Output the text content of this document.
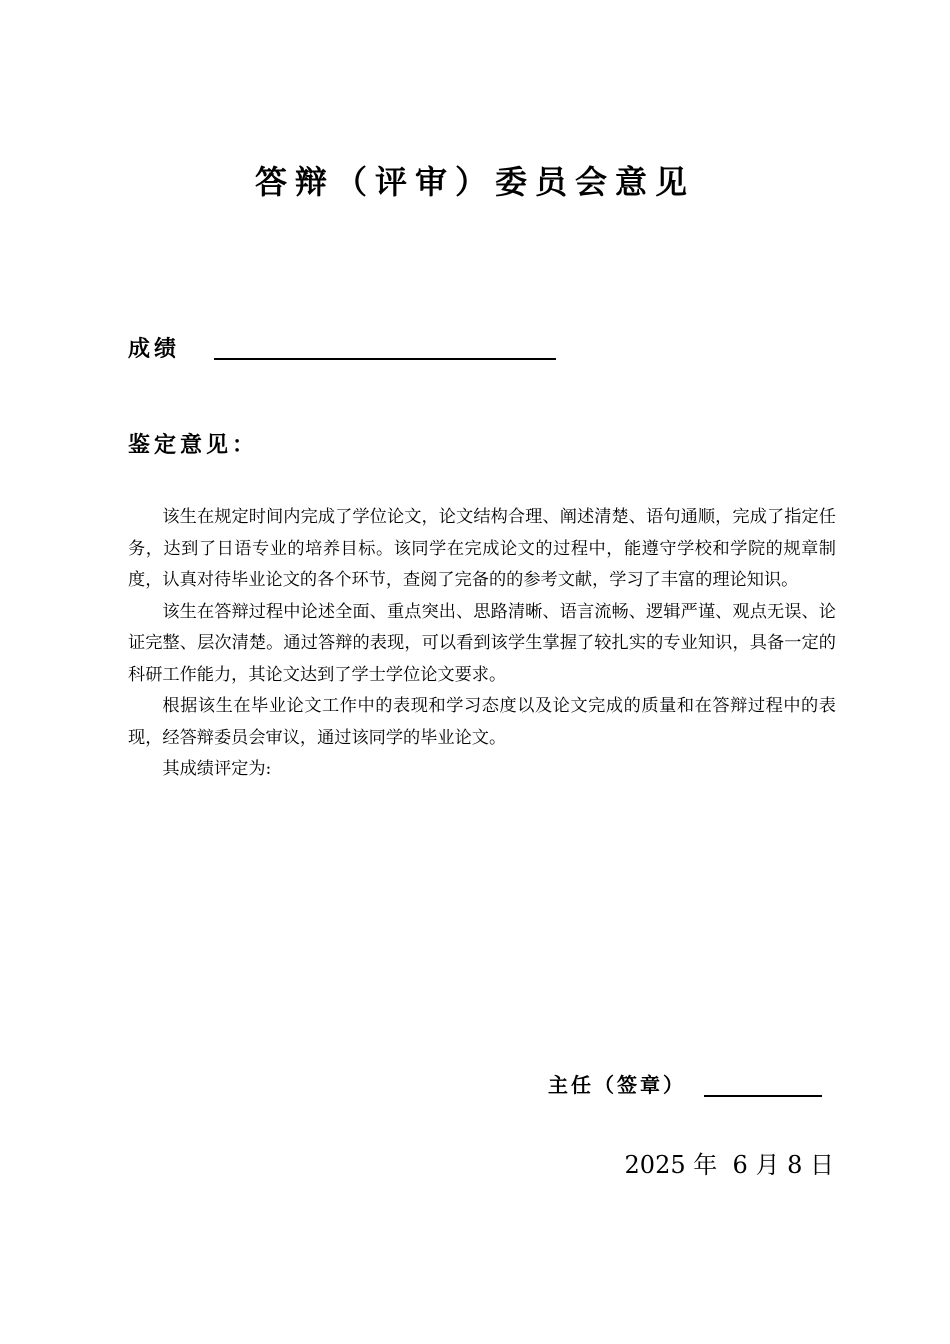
答辩（评审）委员会意见
成绩
鉴定意见：

该生在规定时间内完成了学位论文，论文结构合理、阐述清楚、语句通顺，完成了指定任务，达到了日语专业的培养目标。该同学在完成论文的过程中，能遵守学校和学院的规章制度，认真对待毕业论文的各个环节，查阅了完备的的参考文献，学习了丰富的理论知识。

该生在答辩过程中论述全面、重点突出、思路清晰、语言流畅、逻辑严谨、观点无误、论证完整、层次清楚。通过答辩的表现，可以看到该学生掌握了较扎实的专业知识，具备一定的科研工作能力，其论文达到了学士学位论文要求。

根据该生在毕业论文工作中的表现和学习态度以及论文完成的质量和在答辩过程中的表现，经答辩委员会审议，通过该同学的毕业论文。

其成绩评定为:

主任（签章）
2025 年 6 月 8 日
